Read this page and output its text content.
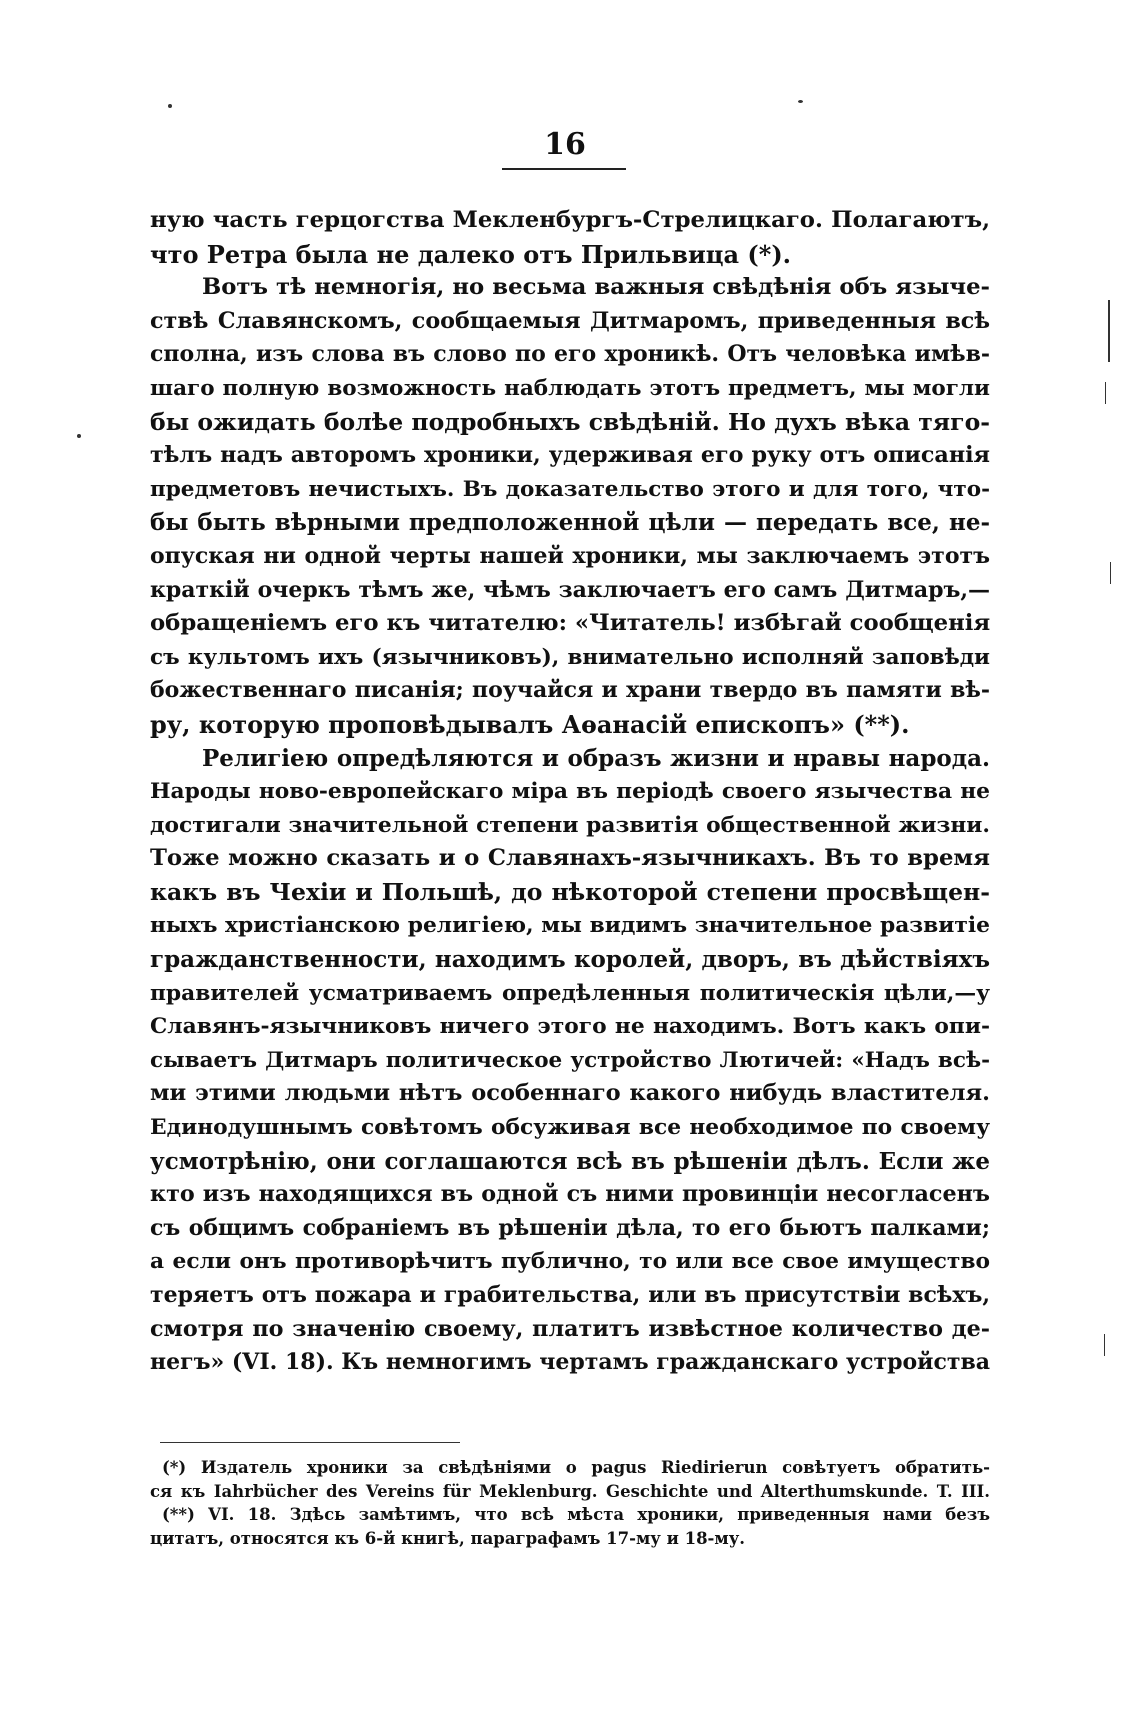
16
ную часть герцогства Мекленбургъ-Стрелицкаго. Полагаютъ,
что Ретра была не далеко отъ Прильвица (*).
Вотъ тѣ немногія, но весьма важныя свѣдѣнія объ язычe-
ствѣ Славянскомъ, сообщаемыя Дитмаромъ, приведенныя всѣ
сполна, изъ слова въ слово по его хроникѣ. Отъ человѣка имѣв-
шаго полную возможность наблюдать этотъ предметъ, мы могли
бы ожидать болѣе подробныхъ свѣдѣній. Но духъ вѣка тяго-
тѣлъ надъ авторомъ хроники, удерживая его руку отъ описанія
предметовъ нечистыхъ. Въ доказательство этого и для того, что-
бы быть вѣрными предположенной цѣли — передать все, не-
опуская ни одной черты нашей хроники, мы заключаемъ этотъ
краткій очеркъ тѣмъ же, чѣмъ заключаетъ его самъ Дитмаръ,—
обращеніемъ его къ читателю: «Читатель! избѣгай сообщенія
съ культомъ ихъ (язычниковъ), внимательно исполняй заповѣди
божественнаго писанія; поучайся и храни твердо въ памяти вѣ-
ру, которую проповѣдывалъ Аѳанасій епископъ» (**).
Религіею опредѣляются и образъ жизни и нравы народа.
Народы ново-европейскаго міра въ періодѣ своего язычества не
достигали значительной степени развитія общественной жизни.
Тоже можно сказать и о Славянахъ-язычникахъ. Въ то время
какъ въ Чехіи и Польшѣ, до нѣкоторой степени просвѣщен-
ныхъ христіанскою религіею, мы видимъ значительное развитіе
гражданственности, находимъ королей, дворъ, въ дѣйствіяхъ
правителей усматриваемъ опредѣленныя политическія цѣли,—у
Славянъ-язычниковъ ничего этого не находимъ. Вотъ какъ опи-
сываетъ Дитмаръ политическое устройство Лютичей: «Надъ всѣ-
ми этими людьми нѣтъ особеннаго какого нибудь властителя.
Единодушнымъ совѣтомъ обсуживая все необходимое по своему
усмотрѣнію, они соглашаются всѣ въ рѣшеніи дѣлъ. Если же
кто изъ находящихся въ одной съ ними провинціи несогласенъ
съ общимъ собраніемъ въ рѣшеніи дѣла, то его бьютъ палками;
а если онъ противорѣчитъ публично, то или все свое имущество
теряетъ отъ пожара и грабительства, или въ присутствіи всѣхъ,
смотря по значенію своему, платитъ извѣстное количество де-
негъ» (VI. 18). Къ немногимъ чертамъ гражданскаго устройства
(*) Издатель хроники за свѣдѣніями о pagus Riedirierun совѣтуетъ обратить-
ся къ Iahrbücher des Vereins für Meklenburg. Geschichte und Alterthumskunde. T. III.
(**) VI. 18. Здѣсь замѣтимъ, что всѣ мѣста хроники, приведенныя нами безъ
цитатъ, относятся къ 6-й книгѣ, параграфамъ 17-му и 18-му.
